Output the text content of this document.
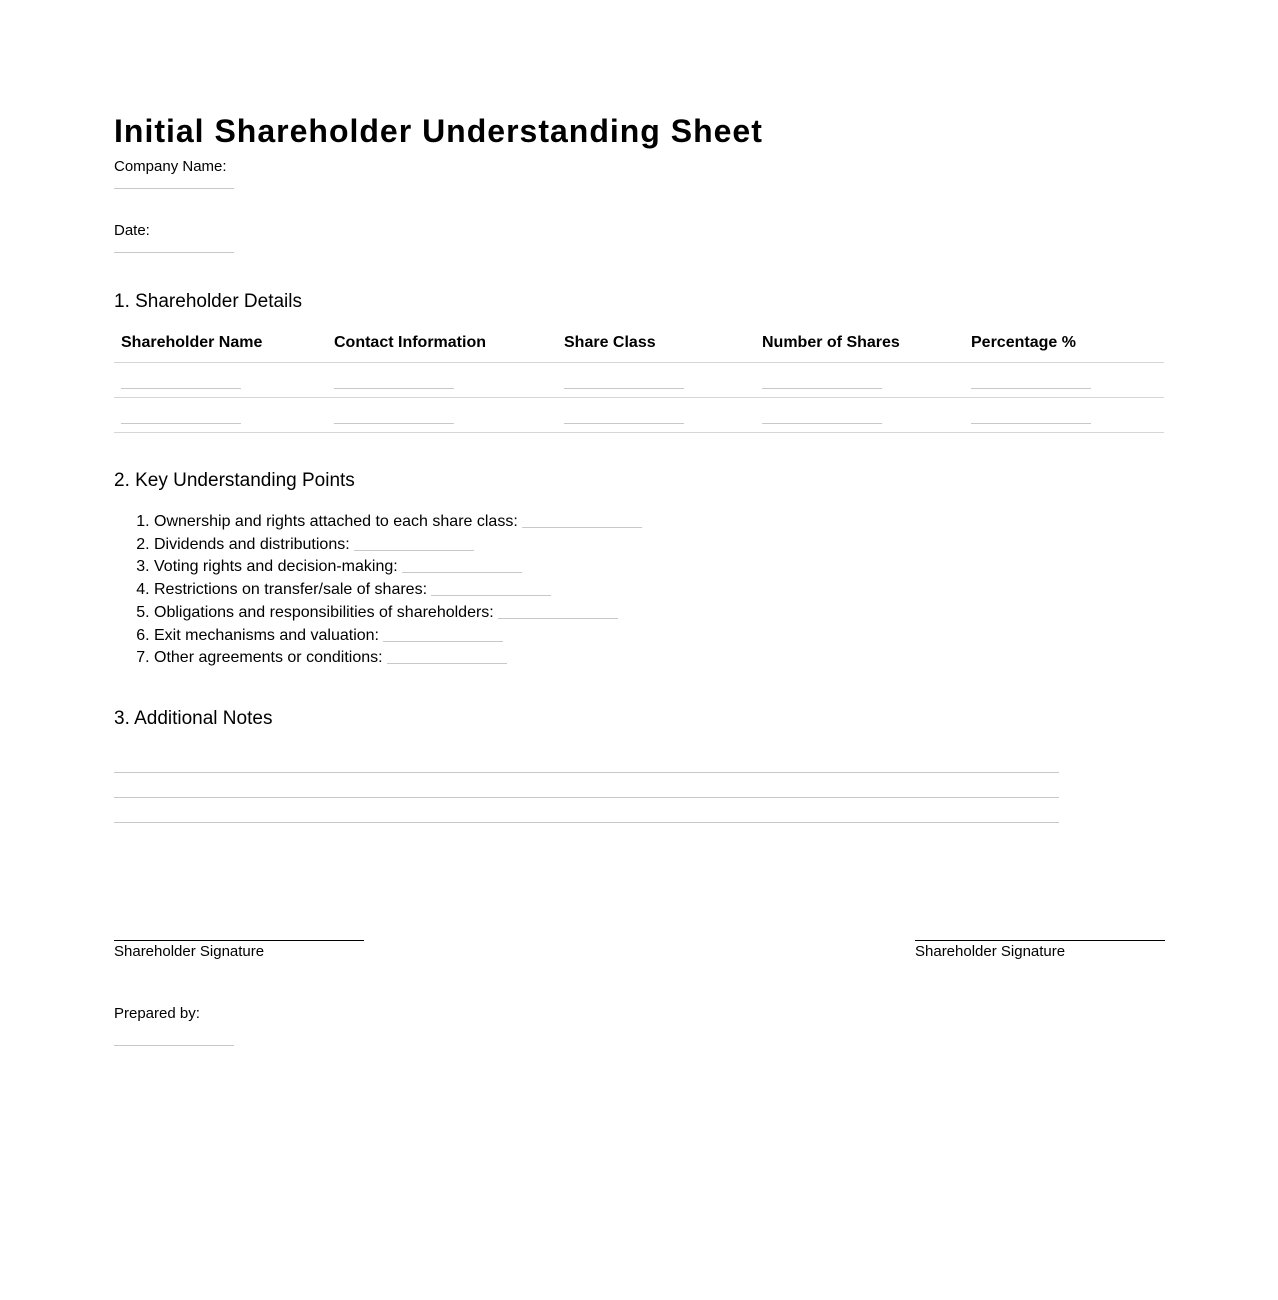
Initial Shareholder Understanding Sheet
Company Name:
Date:
1. Shareholder Details
Shareholder Name	Contact Information	Share Class	Number of Shares	Percentage %

2. Key Understanding Points
1. Ownership and rights attached to each share class:
2. Dividends and distributions:
3. Voting rights and decision-making:
4. Restrictions on transfer/sale of shares:
5. Obligations and responsibilities of shareholders:
6. Exit mechanisms and valuation:
7. Other agreements or conditions:
3. Additional Notes
Shareholder Signature	Shareholder Signature
Prepared by:
